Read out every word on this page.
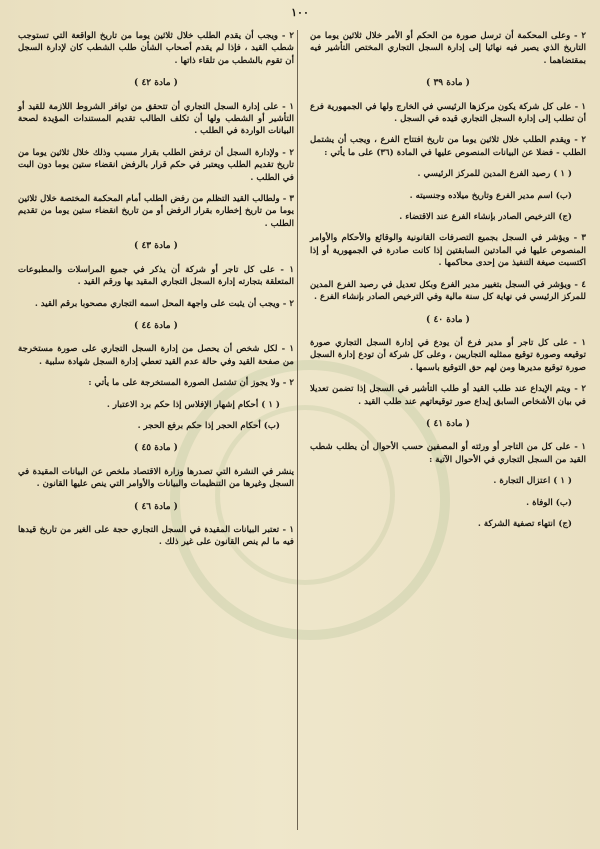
١٠٠

٢ - وعلى المحكمة أن ترسل صورة من الحكم أو الأمر خلال ثلاثين يوما من التاريخ الذي يصير فيه نهائيا إلى إدارة السجل التجاري المختص التأشير فيه بمقتضاهما .

( مادة ٣٩ )

١ - على كل شركة يكون مركزها الرئيسي في الخارج ولها في الجمهورية فرع أن تطلب إلى إدارة السجل التجاري قيده في السجل .

٢ - ويقدم الطلب خلال ثلاثين يوما من تاريخ افتتاح الفرع ، ويجب أن يشتمل الطلب - فضلا عن البيانات المنصوص عليها في المادة (٣٦) على ما يأتي :

( ١ ) رصيد الفرع المدين للمركز الرئيسي .

(ب) اسم مدير الفرع وتاريخ ميلاده وجنسيته .

(ج) الترخيص الصادر بإنشاء الفرع عند الاقتضاء .

٣ - ويؤشر في السجل بجميع التصرفات القانونية والوقائع والأحكام والأوامر المنصوص عليها في المادتين السابقتين إذا كانت صادرة في الجمهورية أو إذا اكتسبت صيغة التنفيذ من إحدى محاكمها .

٤ - ويؤشر في السجل بتغيير مدير الفرع وبكل تعديل في رصيد الفرع المدين للمركز الرئيسي في نهاية كل سنة مالية وفي الترخيص الصادر بإنشاء الفرع .

( مادة ٤٠ )

١ - على كل تاجر أو مدير فرع أن يودع في إدارة السجل التجاري صورة توقيعه وصورة توقيع ممثليه التجاريين ، وعلى كل شركة أن تودع إدارة السجل صورة توقيع مديرها ومن لهم حق التوقيع باسمها .

٢ - ويتم الإيداع عند طلب القيد أو طلب التأشير في السجل إذا تضمن تعديلا في بيان الأشخاص السابق إيداع صور توقيعاتهم عند طلب القيد .

( مادة ٤١ )

١ - على كل من التاجر أو ورثته أو المصفين حسب الأحوال أن يطلب شطب القيد من السجل التجاري في الأحوال الآتية :

( ١ ) اعتزال التجارة .

(ب) الوفاة .

(ج) انتهاء تصفية الشركة .

٢ - ويجب أن يقدم الطلب خلال ثلاثين يوما من تاريخ الواقعة التي تستوجب شطب القيد ، فإذا لم يقدم أصحاب الشأن طلب الشطب كان لإدارة السجل أن تقوم بالشطب من تلقاء ذاتها .

( مادة ٤٢ )

١ - على إدارة السجل التجاري أن تتحقق من توافر الشروط اللازمة للقيد أو التأشير أو الشطب ولها أن تكلف الطالب تقديم المستندات المؤيدة لصحة البيانات الواردة في الطلب .

٢ - ولإدارة السجل أن ترفض الطلب بقرار مسبب وذلك خلال ثلاثين يوما من تاريخ تقديم الطلب ويعتبر في حكم قرار بالرفض انقضاء ستين يوما دون البت في الطلب .

٣ - ولطالب القيد التظلم من رفض الطلب أمام المحكمة المختصة خلال ثلاثين يوما من تاريخ إخطاره بقرار الرفض أو من تاريخ انقضاء ستين يوما من تقديم الطلب .

( مادة ٤٣ )

١ - على كل تاجر أو شركة أن يذكر في جميع المراسلات والمطبوعات المتعلقة بتجارته إدارة السجل التجاري المقيد بها ورقم القيد .

٢ - ويجب أن يثبت على واجهة المحل اسمه التجاري مصحوبا برقم القيد .

( مادة ٤٤ )

١ - لكل شخص أن يحصل من إدارة السجل التجاري على صورة مستخرجة من صفحة القيد وفي حالة عدم القيد تعطي إدارة السجل شهادة سلبية .

٢ - ولا يجوز أن تشتمل الصورة المستخرجة على ما يأتي :

( ١ ) أحكام إشهار الإفلاس إذا حكم برد الاعتبار .

(ب) أحكام الحجر إذا حكم برفع الحجر .

( مادة ٤٥ )

ينشر في النشرة التي تصدرها وزارة الاقتصاد ملخص عن البيانات المقيدة في السجل وغيرها من التنظيمات والبيانات والأوامر التي ينص عليها القانون .

( مادة ٤٦ )

١ - تعتبر البيانات المقيدة في السجل التجاري حجة على الغير من تاريخ قيدها فيه ما لم ينص القانون على غير ذلك .
